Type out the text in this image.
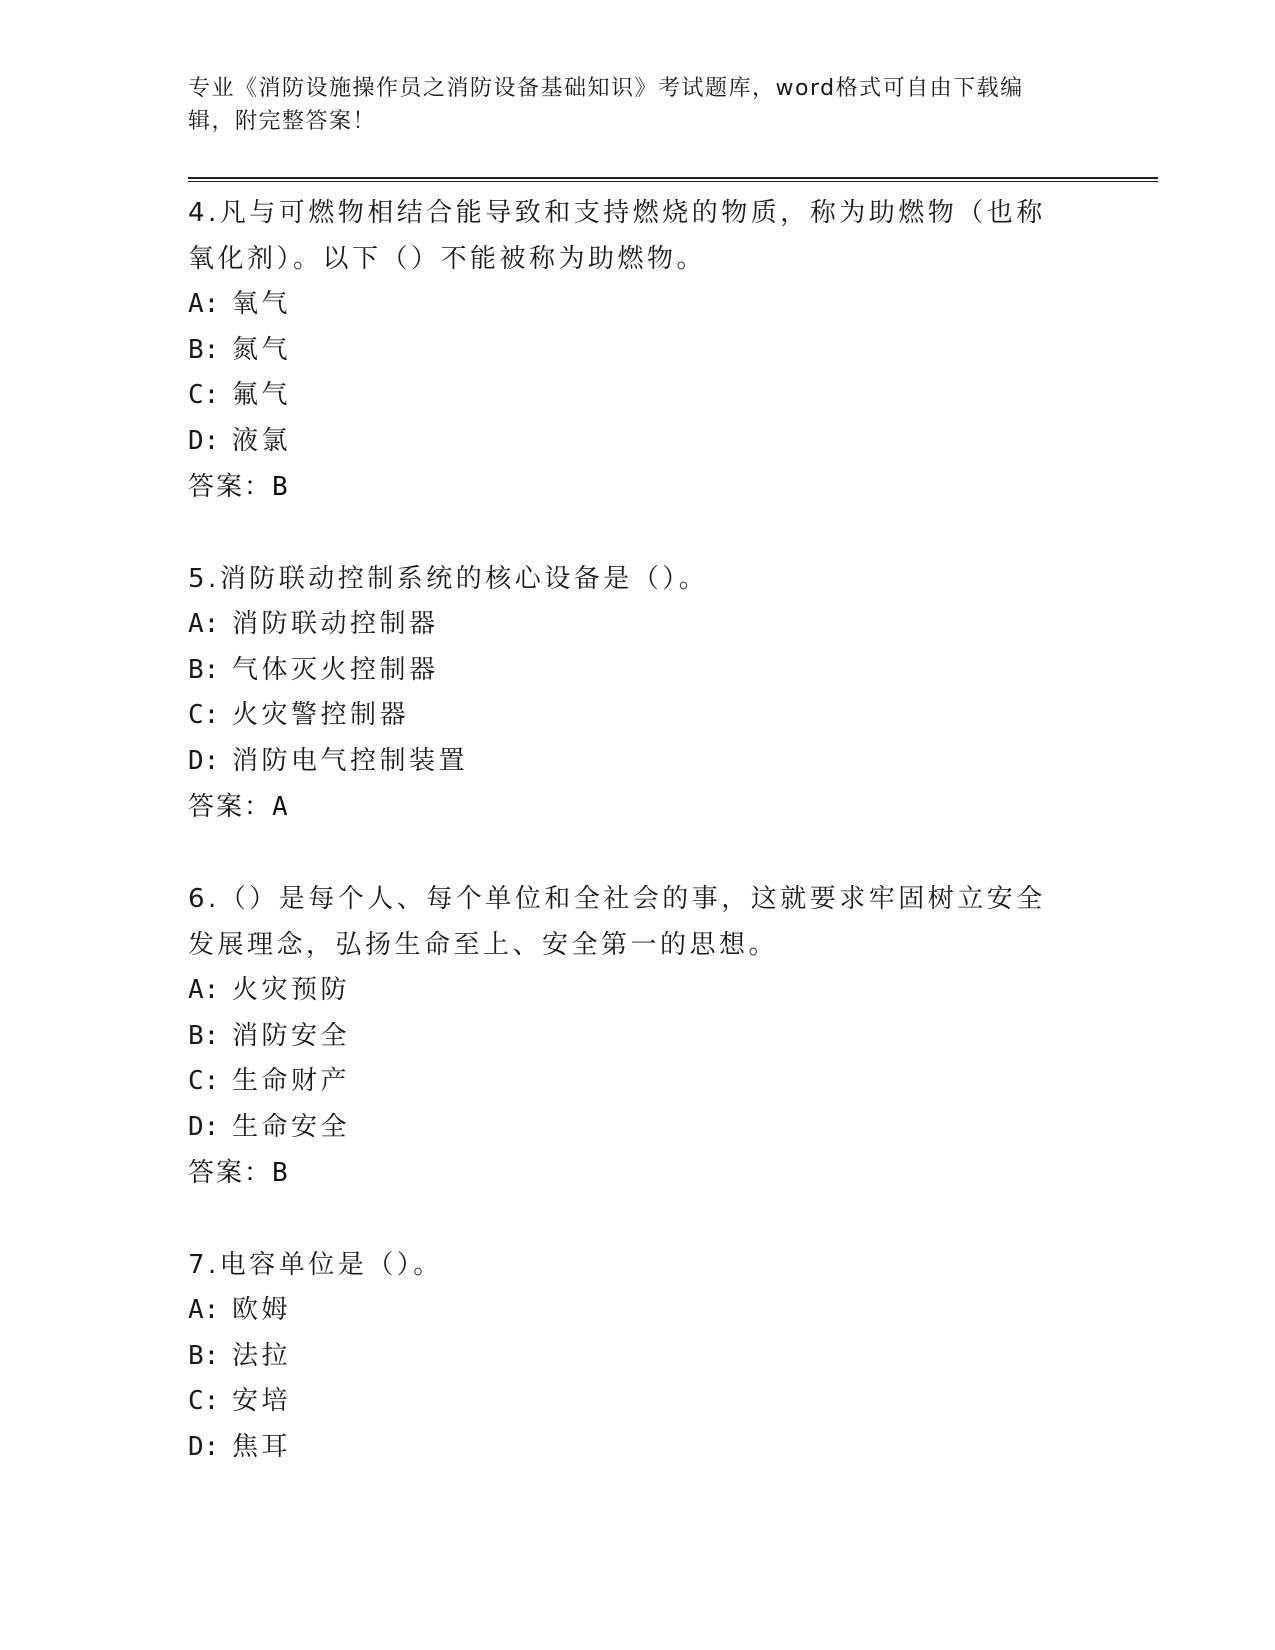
专业《消防设施操作员之消防设备基础知识》考试题库，word格式可自由下载编
辑，附完整答案！
4.凡与可燃物相结合能导致和支持燃烧的物质，称为助燃物（也称氧化剂）。以下（）不能被称为助燃物。
A: 氧气
B: 氮气
C: 氟气
D: 液氯
答案：B
5.消防联动控制系统的核心设备是（）。
A: 消防联动控制器
B: 气体灭火控制器
C: 火灾警控制器
D: 消防电气控制装置
答案：A
6.（）是每个人、每个单位和全社会的事，这就要求牢固树立安全发展理念，弘扬生命至上、安全第一的思想。
A: 火灾预防
B: 消防安全
C: 生命财产
D: 生命安全
答案：B
7.电容单位是（）。
A: 欧姆
B: 法拉
C: 安培
D: 焦耳
